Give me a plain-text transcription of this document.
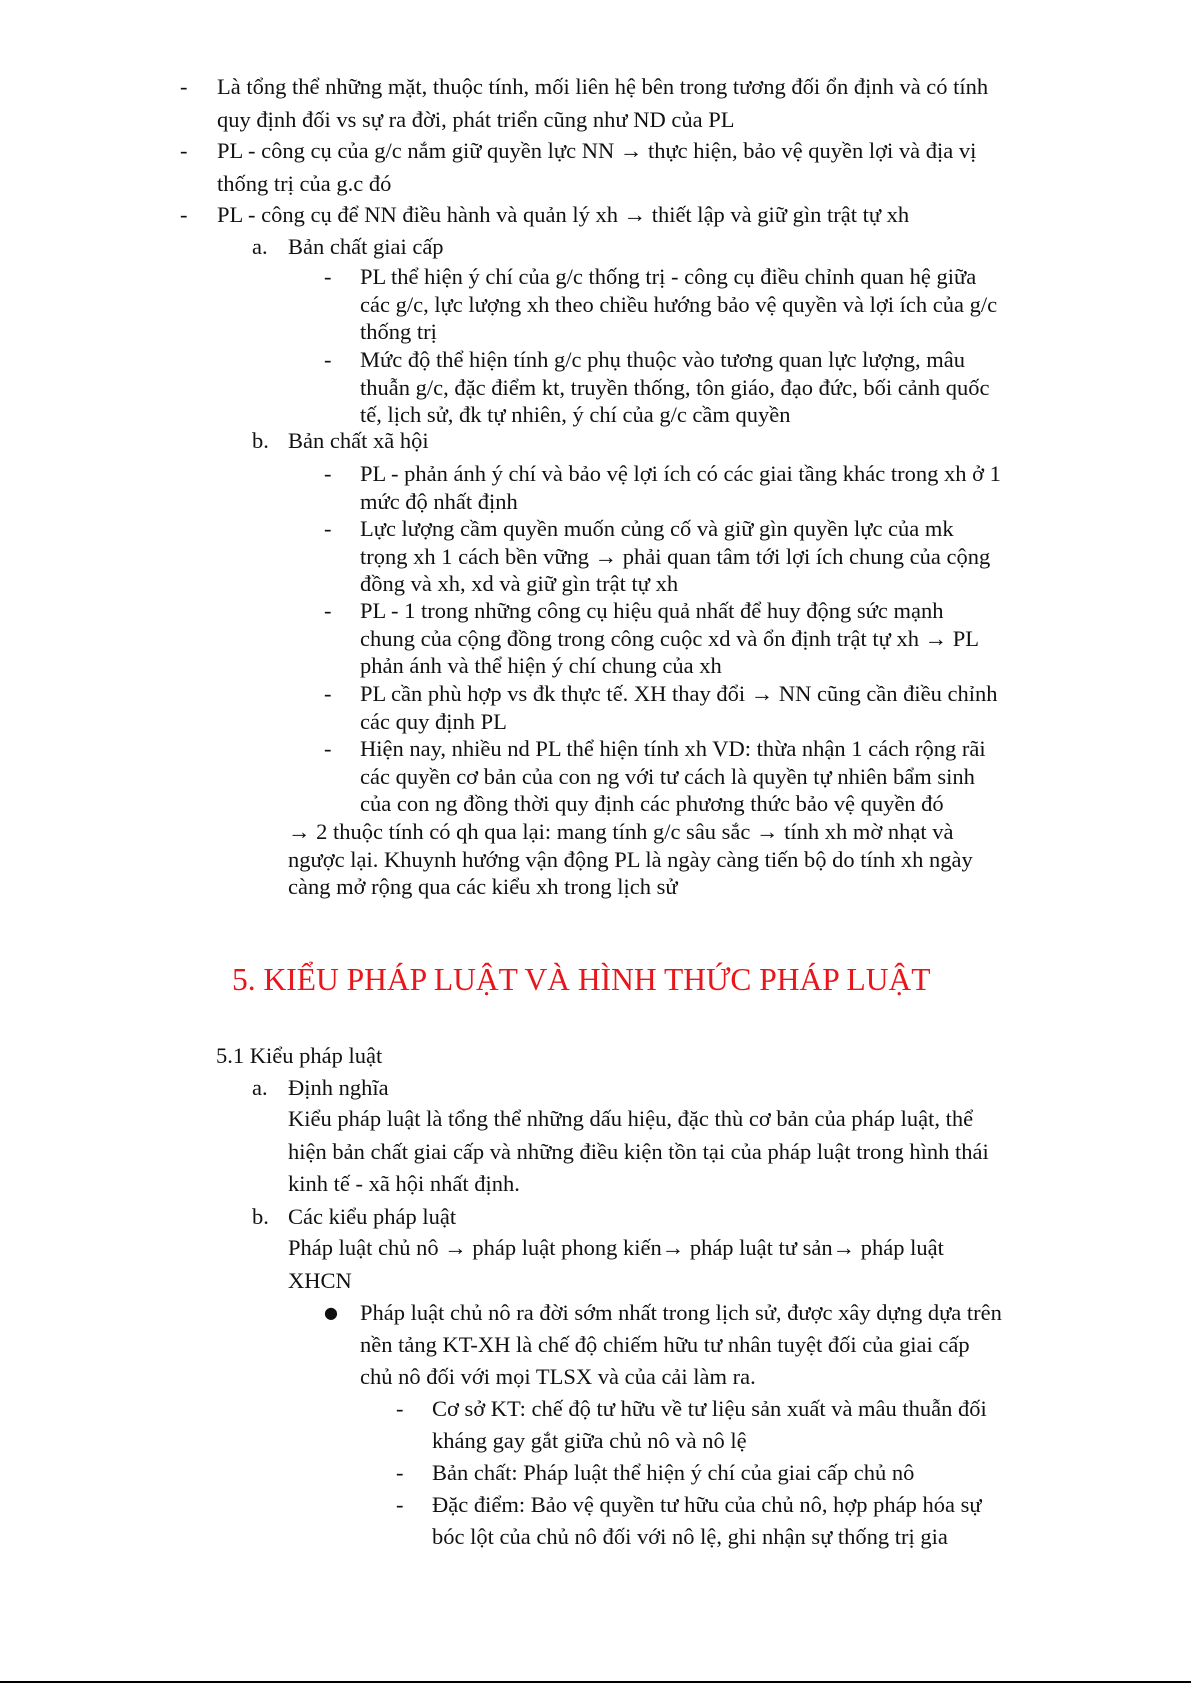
-	Là tổng thể những mặt, thuộc tính, mối liên hệ bên trong tương đối ổn định và có tính
quy định đối vs sự ra đời, phát triển cũng như ND của PL
-	PL - công cụ của g/c nắm giữ quyền lực NN → thực hiện, bảo vệ quyền lợi và địa vị
thống trị của g.c đó
-	PL - công cụ để NN điều hành và quản lý xh → thiết lập và giữ gìn trật tự xh
a. Bản chất giai cấp
-	PL thể hiện ý chí của g/c thống trị - công cụ điều chỉnh quan hệ giữa
các g/c, lực lượng xh theo chiều hướng bảo vệ quyền và lợi ích của g/c
thống trị
-	Mức độ thể hiện tính g/c phụ thuộc vào tương quan lực lượng, mâu
thuẫn g/c, đặc điểm kt, truyền thống, tôn giáo, đạo đức, bối cảnh quốc
tế, lịch sử, đk tự nhiên, ý chí của g/c cầm quyền
b. Bản chất xã hội
-	PL - phản ánh ý chí và bảo vệ lợi ích có các giai tầng khác trong xh ở 1
mức độ nhất định
-	Lực lượng cầm quyền muốn củng cố và giữ gìn quyền lực của mk
trọng xh 1 cách bền vững → phải quan tâm tới lợi ích chung của cộng
đồng và xh, xd và giữ gìn trật tự xh
-	PL - 1 trong những công cụ hiệu quả nhất để huy động sức mạnh
chung của cộng đồng trong công cuộc xd và ổn định trật tự xh → PL
phản ánh và thể hiện ý chí chung của xh
-	PL cần phù hợp vs đk thực tế. XH thay đổi → NN cũng cần điều chỉnh
các quy định PL
-	Hiện nay, nhiều nd PL thể hiện tính xh VD: thừa nhận 1 cách rộng rãi
các quyền cơ bản của con ng với tư cách là quyền tự nhiên bẩm sinh
của con ng đồng thời quy định các phương thức bảo vệ quyền đó
→ 2 thuộc tính có qh qua lại: mang tính g/c sâu sắc → tính xh mờ nhạt và
ngược lại. Khuynh hướng vận động PL là ngày càng tiến bộ do tính xh ngày
càng mở rộng qua các kiểu xh trong lịch sử
5. KIỂU PHÁP LUẬT VÀ HÌNH THỨC PHÁP LUẬT
5.1 Kiểu pháp luật
a. Định nghĩa
Kiểu pháp luật là tổng thể những dấu hiệu, đặc thù cơ bản của pháp luật, thể
hiện bản chất giai cấp và những điều kiện tồn tại của pháp luật trong hình thái
kinh tế - xã hội nhất định.
b. Các kiểu pháp luật
Pháp luật chủ nô → pháp luật phong kiến→ pháp luật tư sản→ pháp luật
XHCN
● Pháp luật chủ nô ra đời sớm nhất trong lịch sử, được xây dựng dựa trên
nền tảng KT-XH là chế độ chiếm hữu tư nhân tuyệt đối của giai cấp
chủ nô đối với mọi TLSX và của cải làm ra.
-	Cơ sở KT: chế độ tư hữu về tư liệu sản xuất và mâu thuẫn đối
kháng gay gắt giữa chủ nô và nô lệ
-	Bản chất: Pháp luật thể hiện ý chí của giai cấp chủ nô
-	Đặc điểm: Bảo vệ quyền tư hữu của chủ nô, hợp pháp hóa sự
bóc lột của chủ nô đối với nô lệ, ghi nhận sự thống trị gia
